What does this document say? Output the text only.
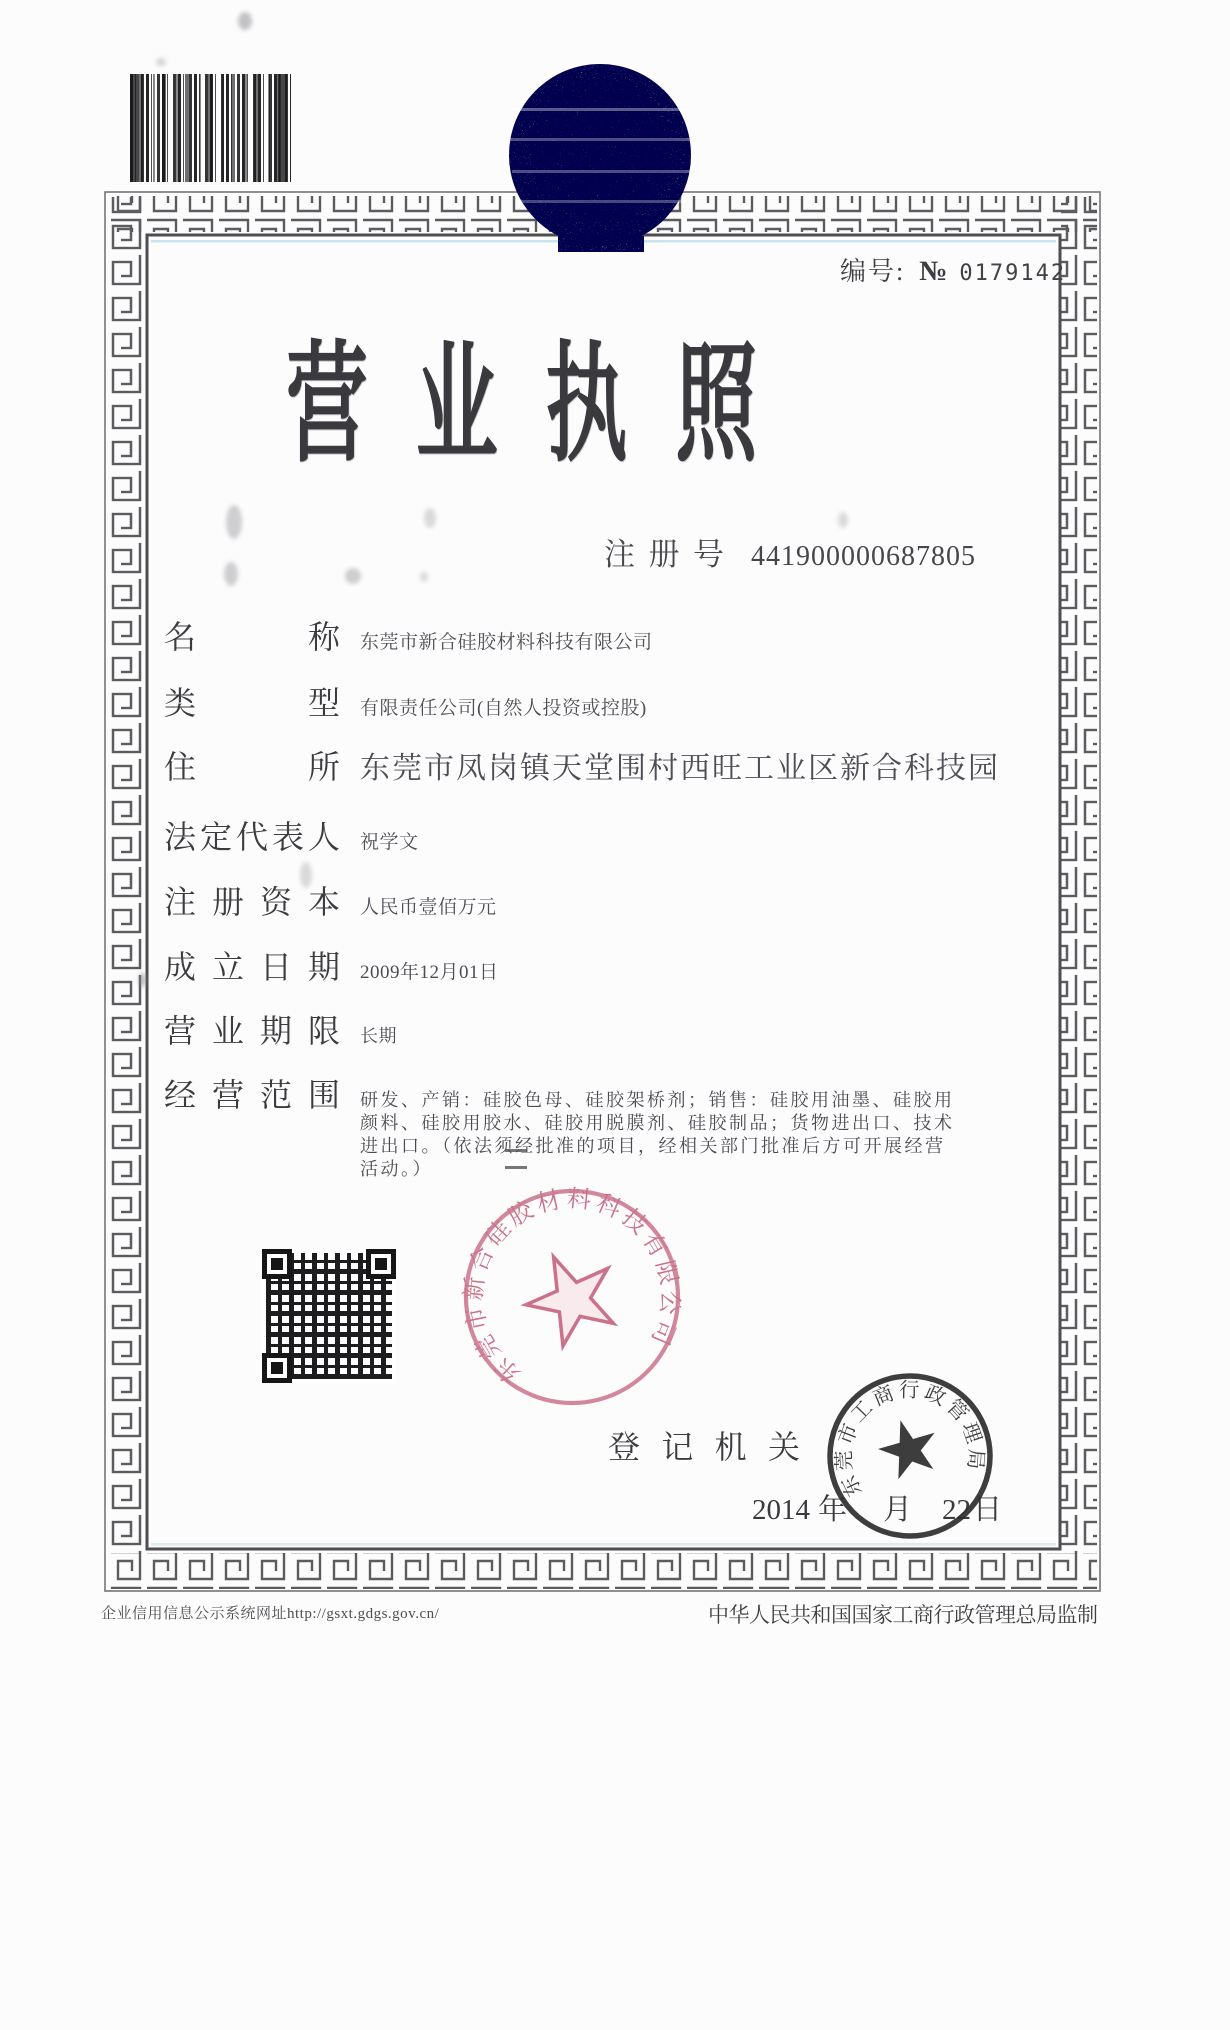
编号: № 0179142
营业执照
注册号 441900000687805
名称 东莞市新合硅胶材料科技有限公司
类型 有限责任公司(自然人投资或控股)
住所 东莞市凤岗镇天堂围村西旺工业区新合科技园
法定代表人 祝学文
注册资本 人民币壹佰万元
成立日期 2009年12月01日
营业期限 长期
经营范围 研发、产销：硅胶色母、硅胶架桥剂；销售：硅胶用油墨、硅胶用颜料、硅胶用胶水、硅胶用脱膜剂、硅胶制品；货物进出口、技术进出口。（依法须经批准的项目，经相关部门批准后方可开展经营活动。）
登记机关
2014 年 月 22 日
企业信用信息公示系统网址http://gsxt.gdgs.gov.cn/	中华人民共和国国家工商行政管理总局监制
东莞市新合硅胶材料科技有限公司
东莞市工商行政管理局
